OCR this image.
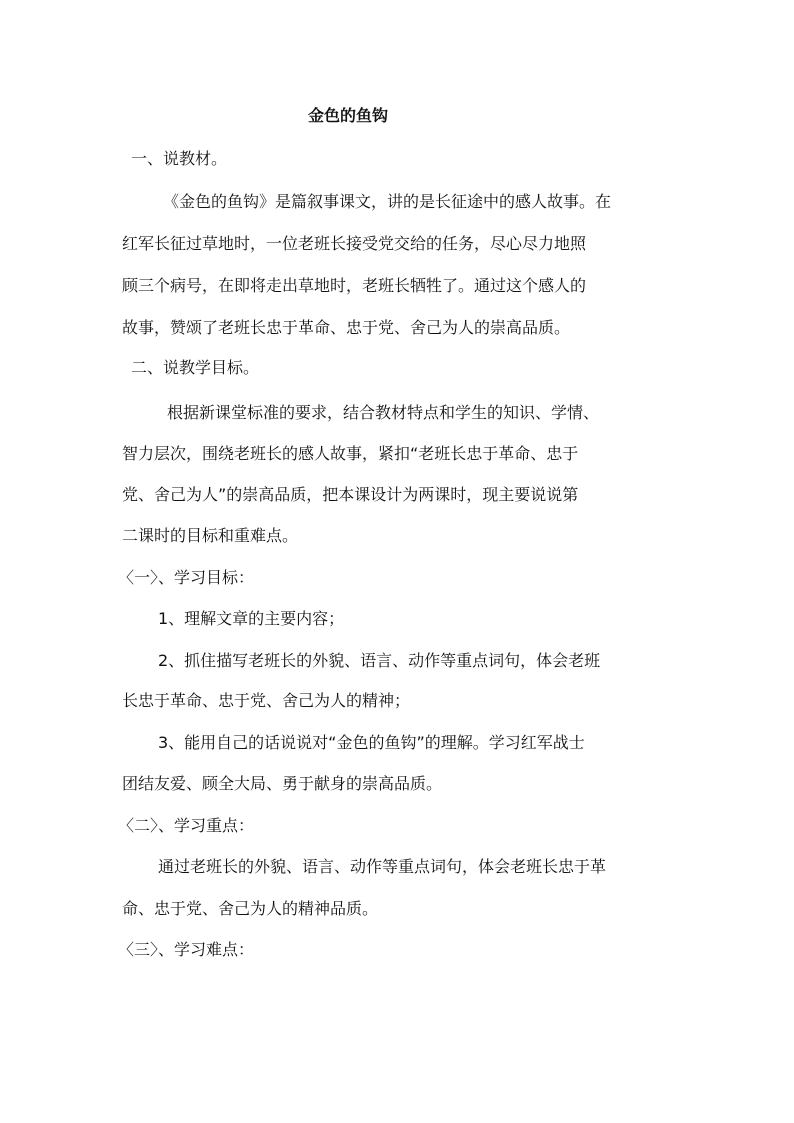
金色的鱼钩
一、说教材。
《金色的鱼钩》是篇叙事课文，讲的是长征途中的感人故事。在
红军长征过草地时，一位老班长接受党交给的任务，尽心尽力地照
顾三个病号，在即将走出草地时，老班长牺牲了。通过这个感人的
故事，赞颂了老班长忠于革命、忠于党、舍己为人的崇高品质。
二、说教学目标。
根据新课堂标准的要求，结合教材特点和学生的知识、学情、
智力层次，围绕老班长的感人故事，紧扣“老班长忠于革命、忠于
党、舍己为人”的崇高品质，把本课设计为两课时，现主要说说第
二课时的目标和重难点。
〈一〉、学习目标：
1、理解文章的主要内容；
2、抓住描写老班长的外貌、语言、动作等重点词句，体会老班
长忠于革命、忠于党、舍己为人的精神；
3、能用自己的话说说对“金色的鱼钩”的理解。学习红军战士
团结友爱、顾全大局、勇于献身的崇高品质。
〈二〉、学习重点：
通过老班长的外貌、语言、动作等重点词句，体会老班长忠于革
命、忠于党、舍己为人的精神品质。
〈三〉、学习难点：
